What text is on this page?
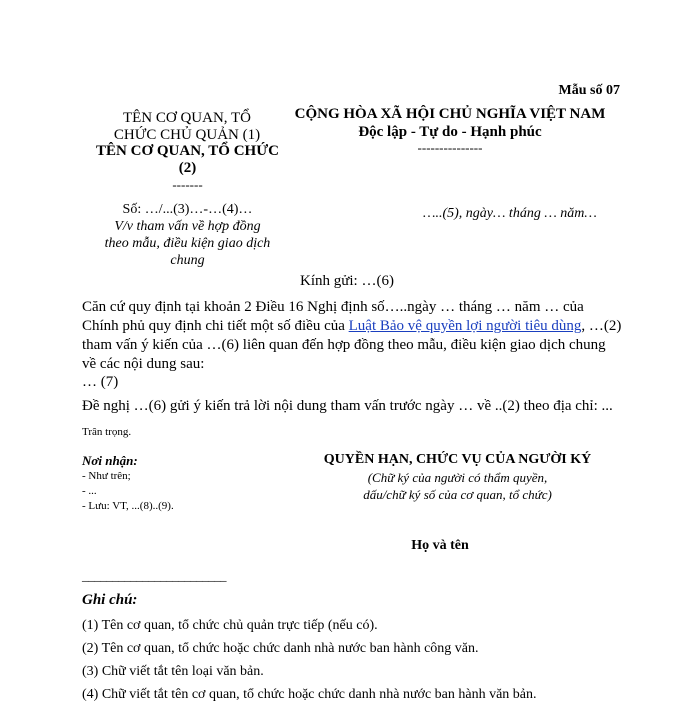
Mẫu số 07
TÊN CƠ QUAN, TỔ CHỨC CHỦ QUẢN (1)
TÊN CƠ QUAN, TỔ CHỨC
(2)
-------
Số: …/...(3)…-…(4)…
V/v tham vấn về hợp đồng
theo mẫu, điều kiện giao dịch
chung
CỘNG HÒA XÃ HỘI CHỦ NGHĨA VIỆT NAM
Độc lập - Tự do - Hạnh phúc
---------------
…..(5), ngày… tháng … năm…
Kính gửi: …(6)
Căn cứ quy định tại khoản 2 Điều 16 Nghị định số…..ngày … tháng … năm … của
Chính phủ quy định chi tiết một số điều của Luật Bảo vệ quyền lợi người tiêu dùng, …(2)
tham vấn ý kiến của …(6) liên quan đến hợp đồng theo mẫu, điều kiện giao dịch chung
về các nội dung sau:
… (7)
Đề nghị …(6) gửi ý kiến trả lời nội dung tham vấn trước ngày … về ..(2) theo địa chỉ: ...
Trân trọng.
Nơi nhận:
- Như trên;
- ...
- Lưu: VT, ...(8)..(9).
QUYỀN HẠN, CHỨC VỤ CỦA NGƯỜI KÝ
(Chữ ký của người có thẩm quyền,
dấu/chữ ký số của cơ quan, tổ chức)
Họ và tên
________________________
Ghi chú:
(1) Tên cơ quan, tổ chức chủ quản trực tiếp (nếu có).
(2) Tên cơ quan, tổ chức hoặc chức danh nhà nước ban hành công văn.
(3) Chữ viết tắt tên loại văn bản.
(4) Chữ viết tắt tên cơ quan, tổ chức hoặc chức danh nhà nước ban hành văn bản.
